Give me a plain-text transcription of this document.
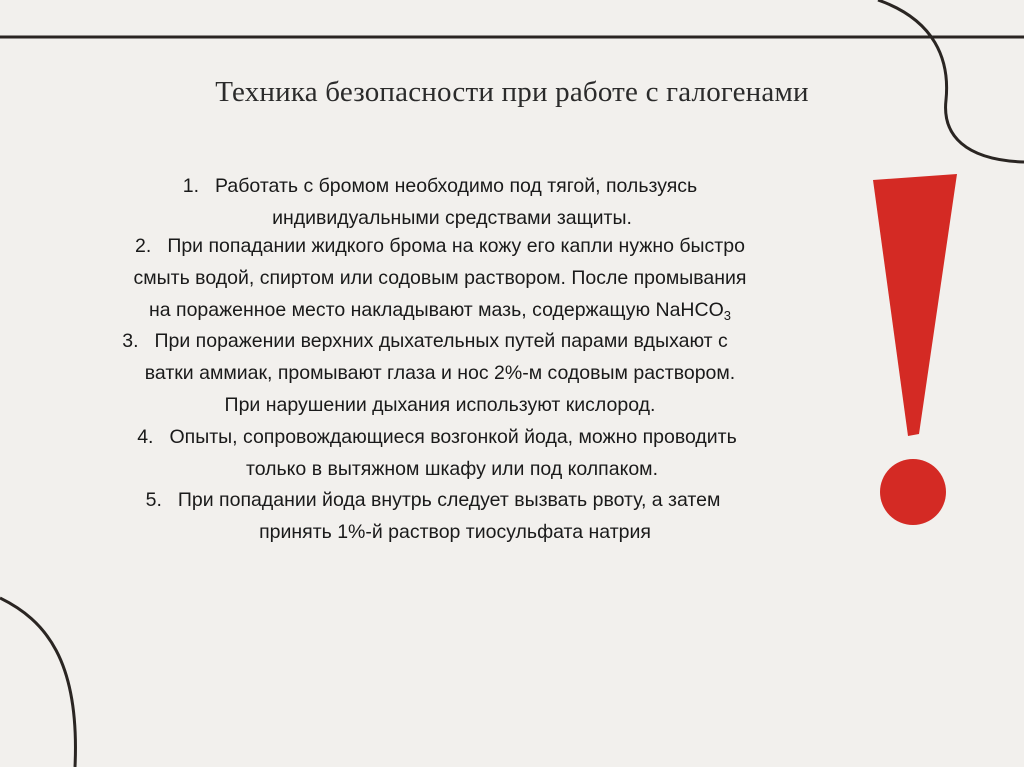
Техника безопасности при работе с галогенами
1. Работать с бромом необходимо под тягой, пользуясь
индивидуальными средствами защиты.
2. При попадании жидкого брома на кожу его капли нужно быстро
смыть водой, спиртом или содовым раствором. После промывания
на пораженное место накладывают мазь, содержащую NaHCO$_3$
3. При поражении верхних дыхательных путей парами вдыхают с
ватки аммиак, промывают глаза и нос 2%-м содовым раствором.
При нарушении дыхания используют кислород.
4. Опыты, сопровождающиеся возгонкой йода, можно проводить
только в вытяжном шкафу или под колпаком.
5. При попадании йода внутрь следует вызвать рвоту, а затем
принять 1%-й раствор тиосульфата натрия
